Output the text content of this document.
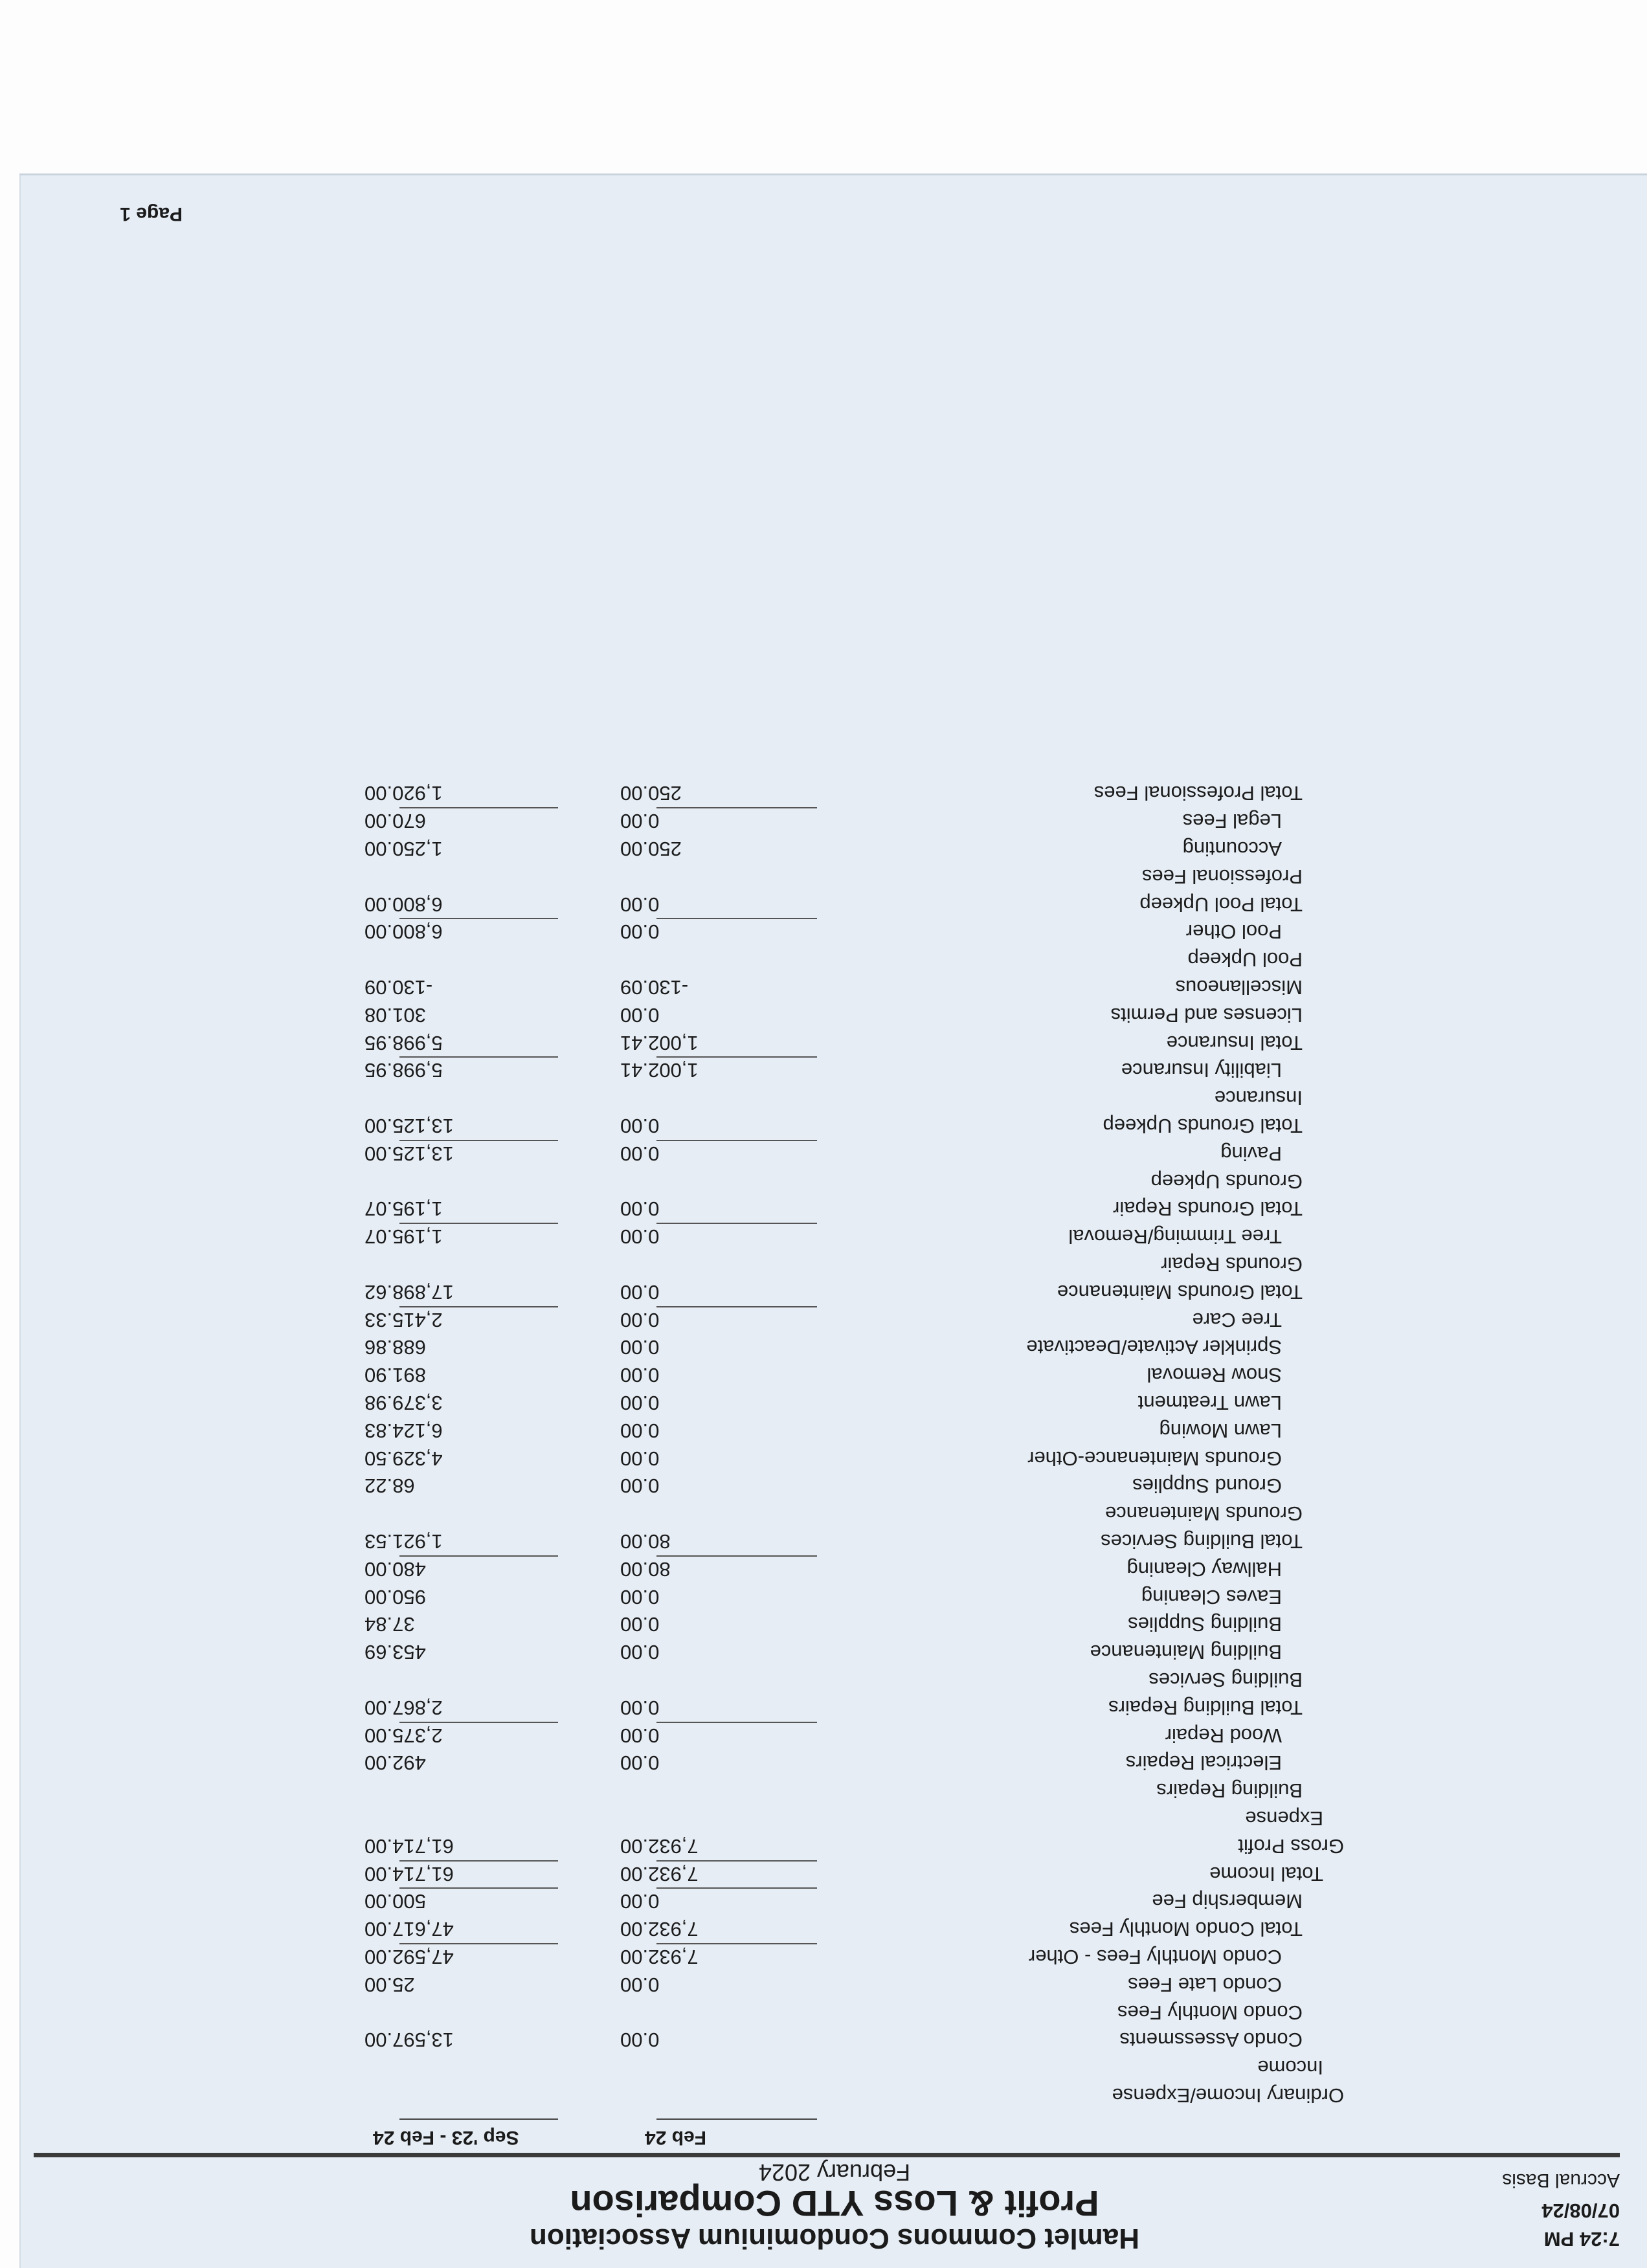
7:24 PM
07/08/24
Accrual Basis
Hamlet Commons Condominium Association
Profit & Loss YTD Comparison
February 2024
Feb 24
Sep '23 - Feb 24
Ordinary Income/Expense
Income
Condo Assessments
0.00
13,597.00
Condo Monthly Fees
Condo Late Fees
0.00
25.00
Condo Monthly Fees - Other
7,932.00
47,592.00
Total Condo Monthly Fees
7,932.00
47,617.00
Membership Fee
0.00
500.00
Total Income
7,932.00
61,714.00
Gross Profit
7,932.00
61,714.00
Expense
Building Repairs
Electrical Repairs
0.00
492.00
Wood Repair
0.00
2,375.00
Total Building Repairs
0.00
2,867.00
Building Services
Building Maintenance
0.00
453.69
Building Supplies
0.00
37.84
Eaves Cleaning
0.00
950.00
Hallway Cleaning
80.00
480.00
Total Building Services
80.00
1,921.53
Grounds Maintenance
Ground Supplies
0.00
68.22
Grounds Maintenance-Other
0.00
4,329.50
Lawn Mowing
0.00
6,124.83
Lawn Treatment
0.00
3,379.98
Snow Removal
0.00
891.90
Sprinkler Activate/Deactivate
0.00
688.86
Tree Care
0.00
2,415.33
Total Grounds Maintenance
0.00
17,898.62
Grounds Repair
Tree Trimming/Removal
0.00
1,195.07
Total Grounds Repair
0.00
1,195.07
Grounds Upkeep
Paving
0.00
13,125.00
Total Grounds Upkeep
0.00
13,125.00
Insurance
Liability Insurance
1,002.41
5,998.95
Total Insurance
1,002.41
5,998.95
Licenses and Permits
0.00
301.08
Miscellaneous
-130.09
-130.09
Pool Upkeep
Pool Other
0.00
6,800.00
Total Pool Upkeep
0.00
6,800.00
Professional Fees
Accounting
250.00
1,250.00
Legal Fees
0.00
670.00
Total Professional Fees
250.00
1,920.00
Page 1
